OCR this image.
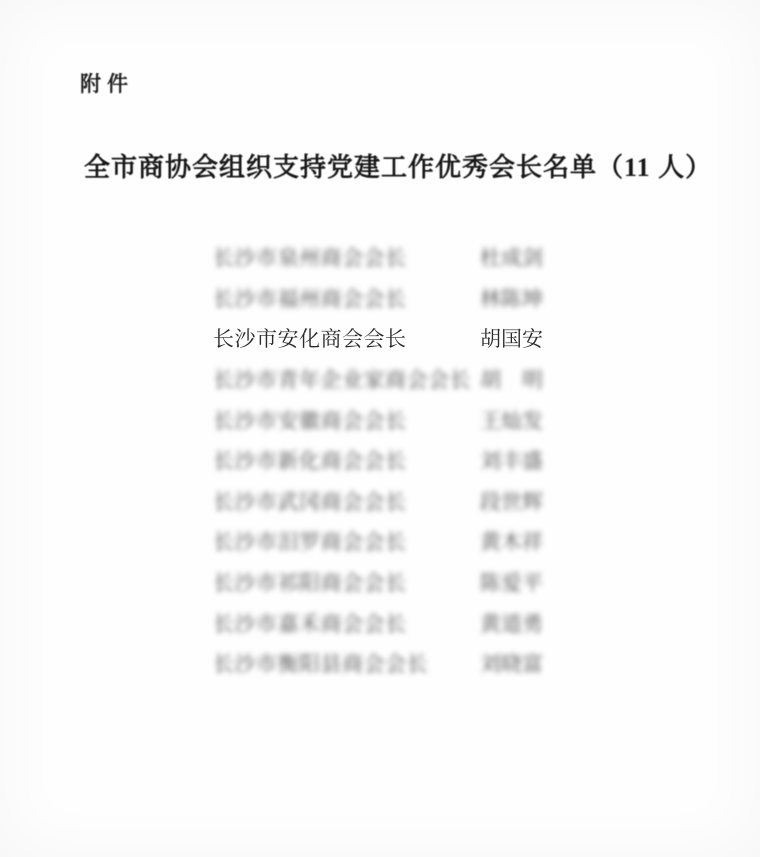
附件
全市商协会组织支持党建工作优秀会长名单（11 人）
长沙市泉州商会会长	杜成剑
长沙市福州商会会长	林陈坤
长沙市安化商会会长	胡国安
长沙市青年企业家商会会长 胡　明
长沙市安徽商会会长	王灿发
长沙市新化商会会长	刘丰盛
长沙市武冈商会会长	段世辉
长沙市汨罗商会会长	黄木祥
长沙市祁阳商会会长	陈爱平
长沙市嘉禾商会会长	黄道勇
长沙市衡阳县商会会长	刘晓富
